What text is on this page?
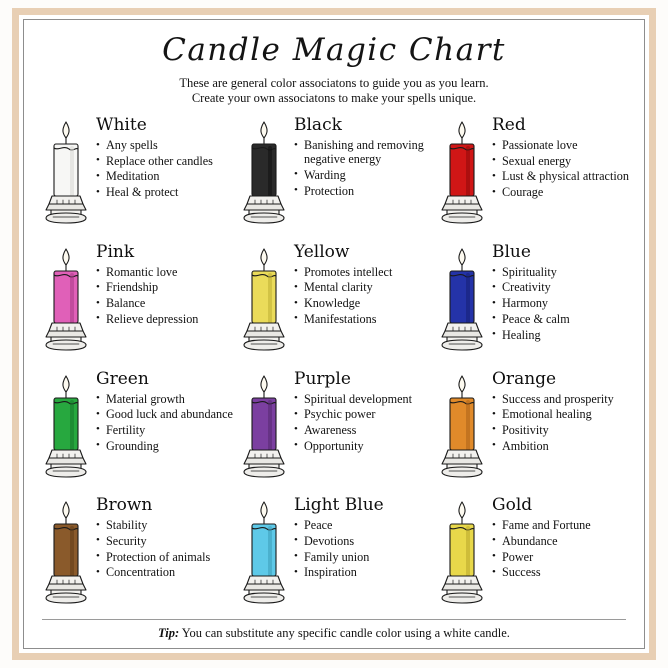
Candle Magic Chart
These are general color associatons to guide you as you learn.
Create your own associatons to make your spells unique.
White
• Any spells
• Replace other candles
• Meditation
• Heal & protect
Black
• Banishing and removing negative energy
• Warding
• Protection
Red
• Passionate love
• Sexual energy
• Lust & physical attraction
• Courage
Pink
• Romantic love
• Friendship
• Balance
• Relieve depression
Yellow
• Promotes intellect
• Mental clarity
• Knowledge
• Manifestations
Blue
• Spirituality
• Creativity
• Harmony
• Peace & calm
• Healing
Green
• Material growth
• Good luck and abundance
• Fertility
• Grounding
Purple
• Spiritual development
• Psychic power
• Awareness
• Opportunity
Orange
• Success and prosperity
• Emotional healing
• Positivity
• Ambition
Brown
• Stability
• Security
• Protection of animals
• Concentration
Light Blue
• Peace
• Devotions
• Family union
• Inspiration
Gold
• Fame and Fortune
• Abundance
• Power
• Success
Tip: You can substitute any specific candle color using a white candle.
